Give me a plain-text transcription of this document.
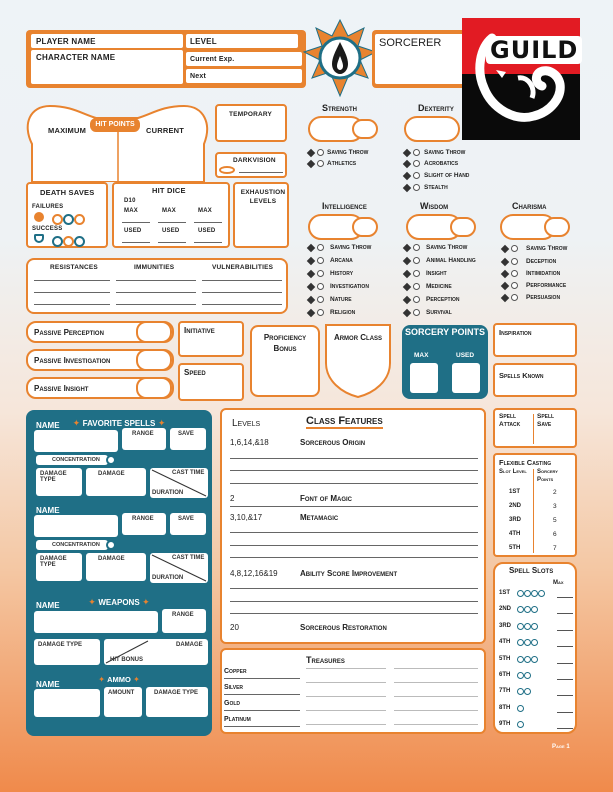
PLAYER NAME
CHARACTER NAME
LEVEL
Current Exp.
Next
SORCERER GUILD
MAXIMUM
HIT POINTS
CURRENT
TEMPORARY
DARKVISION
DEATH SAVES
FAILURES
SUCCESS
HIT DICE
D10
MAX	MAX	MAX
USED	USED	USED
EXHAUSTION LEVELS
Strength	Dexterity
Intelligence	Wisdom	Charisma
Saving Throw
Athletics
Saving Throw
Acrobatics
Slight of Hand
Stealth
Saving Throw
Arcana
History
Investigation
Nature
Religion
Saving Throw
Animal Handling
Insight
Medicine
Perception
Survival
Saving Throw
Deception
Intimidation
Performance
Persuasion
RESISTANCES	IMMUNITIES	VULNERABILITIES
Passive Perception
Passive Investigation
Passive Insight
Initiative
Speed
Proficiency Bonus
Armor Class
SORCERY POINTS
MAX	USED
Inspiration
Spells Known
✦ FAVORITE SPELLS ✦
NAME
RANGE	SAVE
CONCENTRATION
DAMAGE TYPE
DAMAGE	CAST TIME
DURATION
NAME
RANGE	SAVE
CONCENTRATION
DAMAGE TYPE
DAMAGE	CAST TIME
DURATION
✦ WEAPONS ✦
NAME
RANGE
DAMAGE TYPE	DAMAGE
HIT BONUS
✦ AMMO ✦
NAME
AMOUNT	DAMAGE TYPE
Levels	Class Features
1,6,14,&18	Sorcerous Origin
2	Font of Magic
3,10,&17	Metamagic
4,8,12,16&19	Ability Score Improvement
20	Sorcerous Restoration
Treasures
Copper
Silver
Gold
Platinum
Spell Attack
Spell Save
Flexible Casting
Slot Level	Sorcery Points
1ST	2
2ND	3
3RD	5
4TH	6
5TH	7
Spell Slots
Max
1ST
2ND
3RD
4TH
5TH
6TH
7TH
8TH
9TH
Page 1
